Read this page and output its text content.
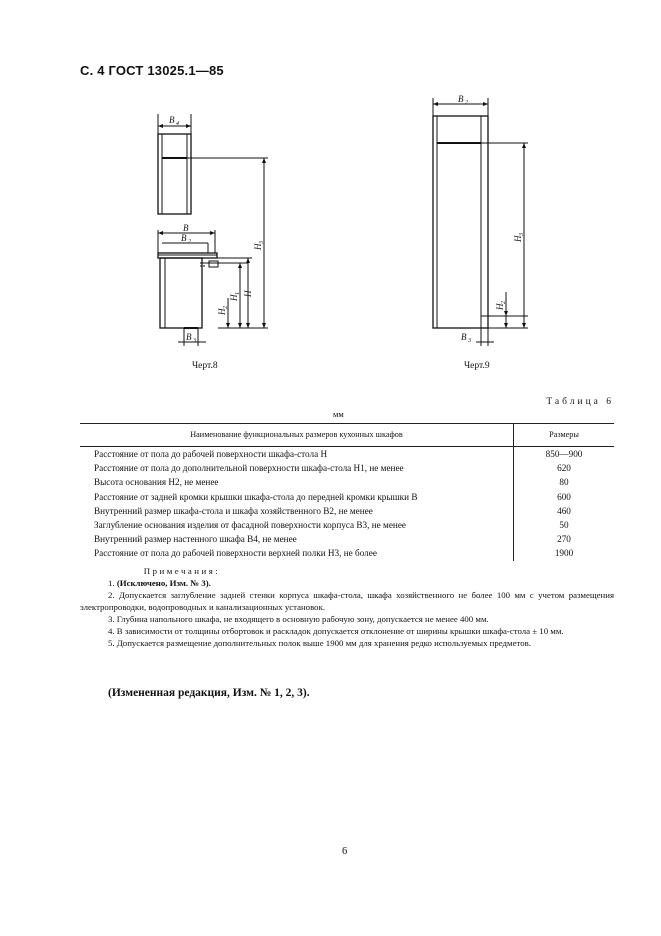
С. 4 ГОСТ 13025.1—85
B 4
B
B 2
H
3
H
1 H
H
2
B 3
B 2
H
3
H
2
B 3
Черт.8	Черт.9
Таблица 6
мм
Наименование функциональных размеров кухонных шкафов	Размеры
Расстояние от пола до рабочей поверхности шкафа-стола H	850—900
Расстояние от пола до дополнительной поверхности шкафа-стола H1, не менее	620
Высота основания H2, не менее	80
Расстояние от задней кромки крышки шкафа-стола до передней кромки крышки B	600
Внутренний размер шкафа-стола и шкафа хозяйственного B2, не менее	460
Заглубление основания изделия от фасадной поверхности корпуса B3, не менее	50
Внутренний размер настенного шкафа B4, не менее	270
Расстояние от пола до рабочей поверхности верхней полки H3, не более	1900
Примечания:

1. (Исключено, Изм. № 3).

2. Допускается заглубление задней стенки корпуса шкафа-стола, шкафа хозяйственного не более 100 мм с учетом размещения электропроводки, водопроводных и канализационных установок.

3. Глубина напольного шкафа, не входящего в основную рабочую зону, допускается не менее 400 мм.

4. В зависимости от толщины отбортовок и раскладок допускается отклонение от ширины крышки шкафа-стола ± 10 мм.

5. Допускается размещение дополнительных полок выше 1900 мм для хранения редко используемых предметов.

(Измененная редакция, Изм. № 1, 2, 3).
6
